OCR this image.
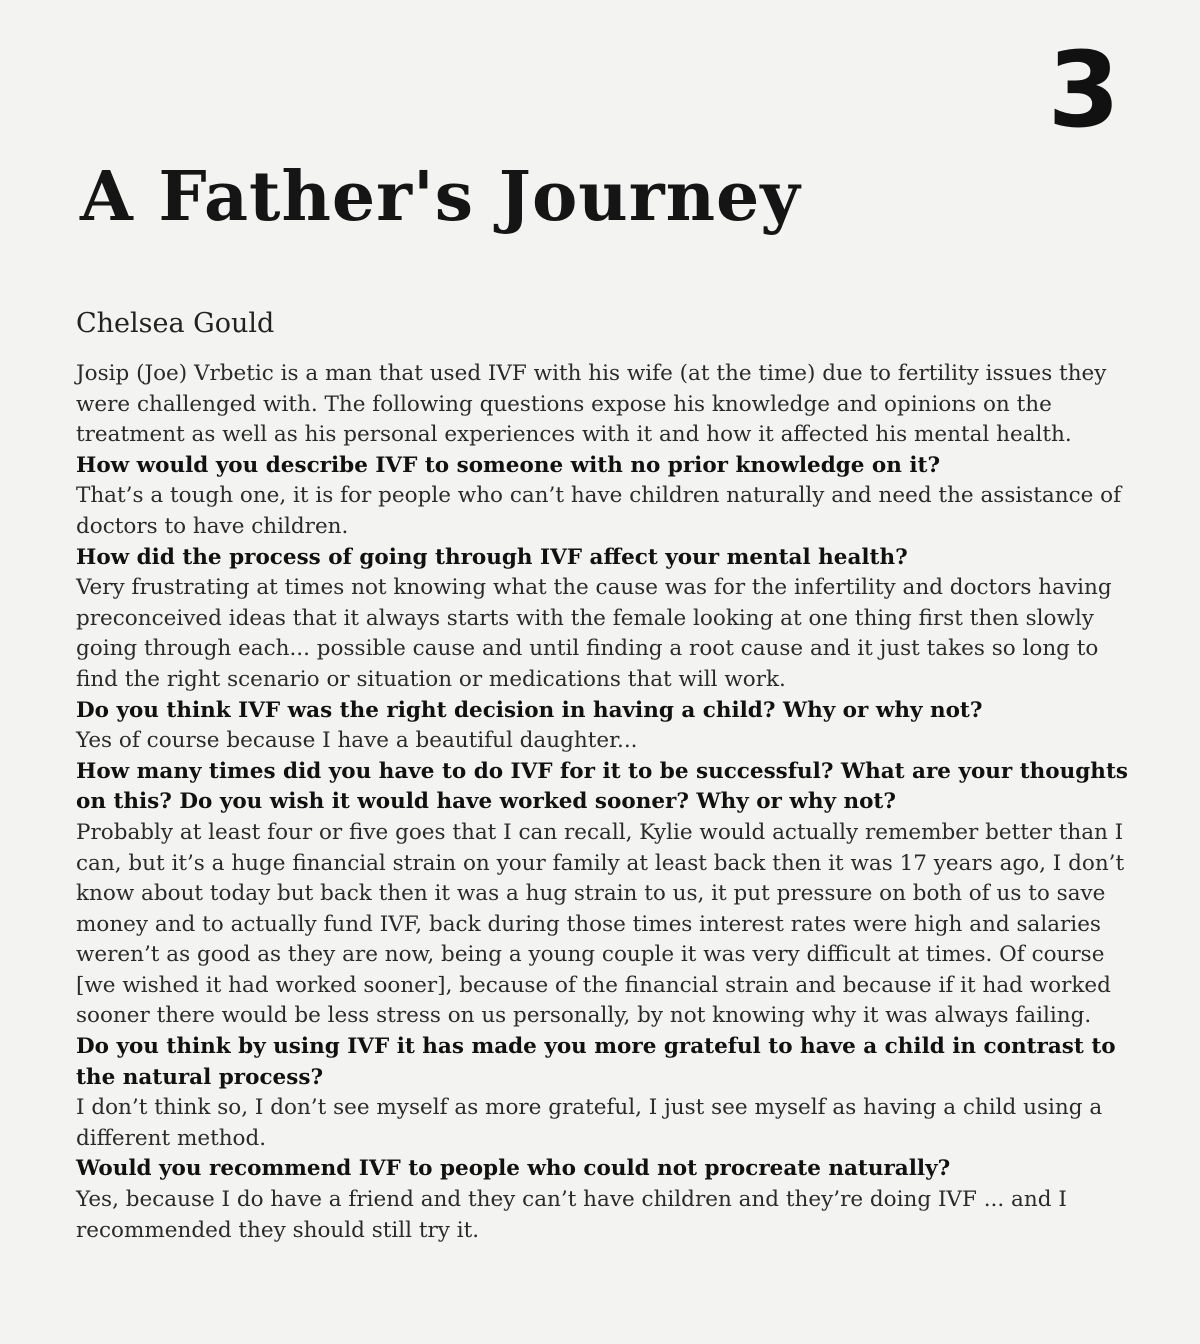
3
A Father's Journey
Chelsea Gould

Josip (Joe) Vrbetic is a man that used IVF with his wife (at the time) due to fertility issues they were challenged with. The following questions expose his knowledge and opinions on the treatment as well as his personal experiences with it and how it affected his mental health.

How would you describe IVF to someone with no prior knowledge on it?

That’s a tough one, it is for people who can’t have children naturally and need the assistance of doctors to have children.

How did the process of going through IVF affect your mental health?

Very frustrating at times not knowing what the cause was for the infertility and doctors having preconceived ideas that it always starts with the female looking at one thing first then slowly going through each... possible cause and until finding a root cause and it just takes so long to find the right scenario or situation or medications that will work.

Do you think IVF was the right decision in having a child? Why or why not?

Yes of course because I have a beautiful daughter...

How many times did you have to do IVF for it to be successful? What are your thoughts on this? Do you wish it would have worked sooner? Why or why not?

Probably at least four or five goes that I can recall, Kylie would actually remember better than I can, but it’s a huge financial strain on your family at least back then it was 17 years ago, I don’t know about today but back then it was a hug strain to us, it put pressure on both of us to save money and to actually fund IVF, back during those times interest rates were high and salaries weren’t as good as they are now, being a young couple it was very difficult at times. Of course [we wished it had worked sooner], because of the financial strain and because if it had worked sooner there would be less stress on us personally, by not knowing why it was always failing.

Do you think by using IVF it has made you more grateful to have a child in contrast to the natural process?

I don’t think so, I don’t see myself as more grateful, I just see myself as having a child using a different method.

Would you recommend IVF to people who could not procreate naturally?

Yes, because I do have a friend and they can’t have children and they’re doing IVF ... and I recommended they should still try it.
